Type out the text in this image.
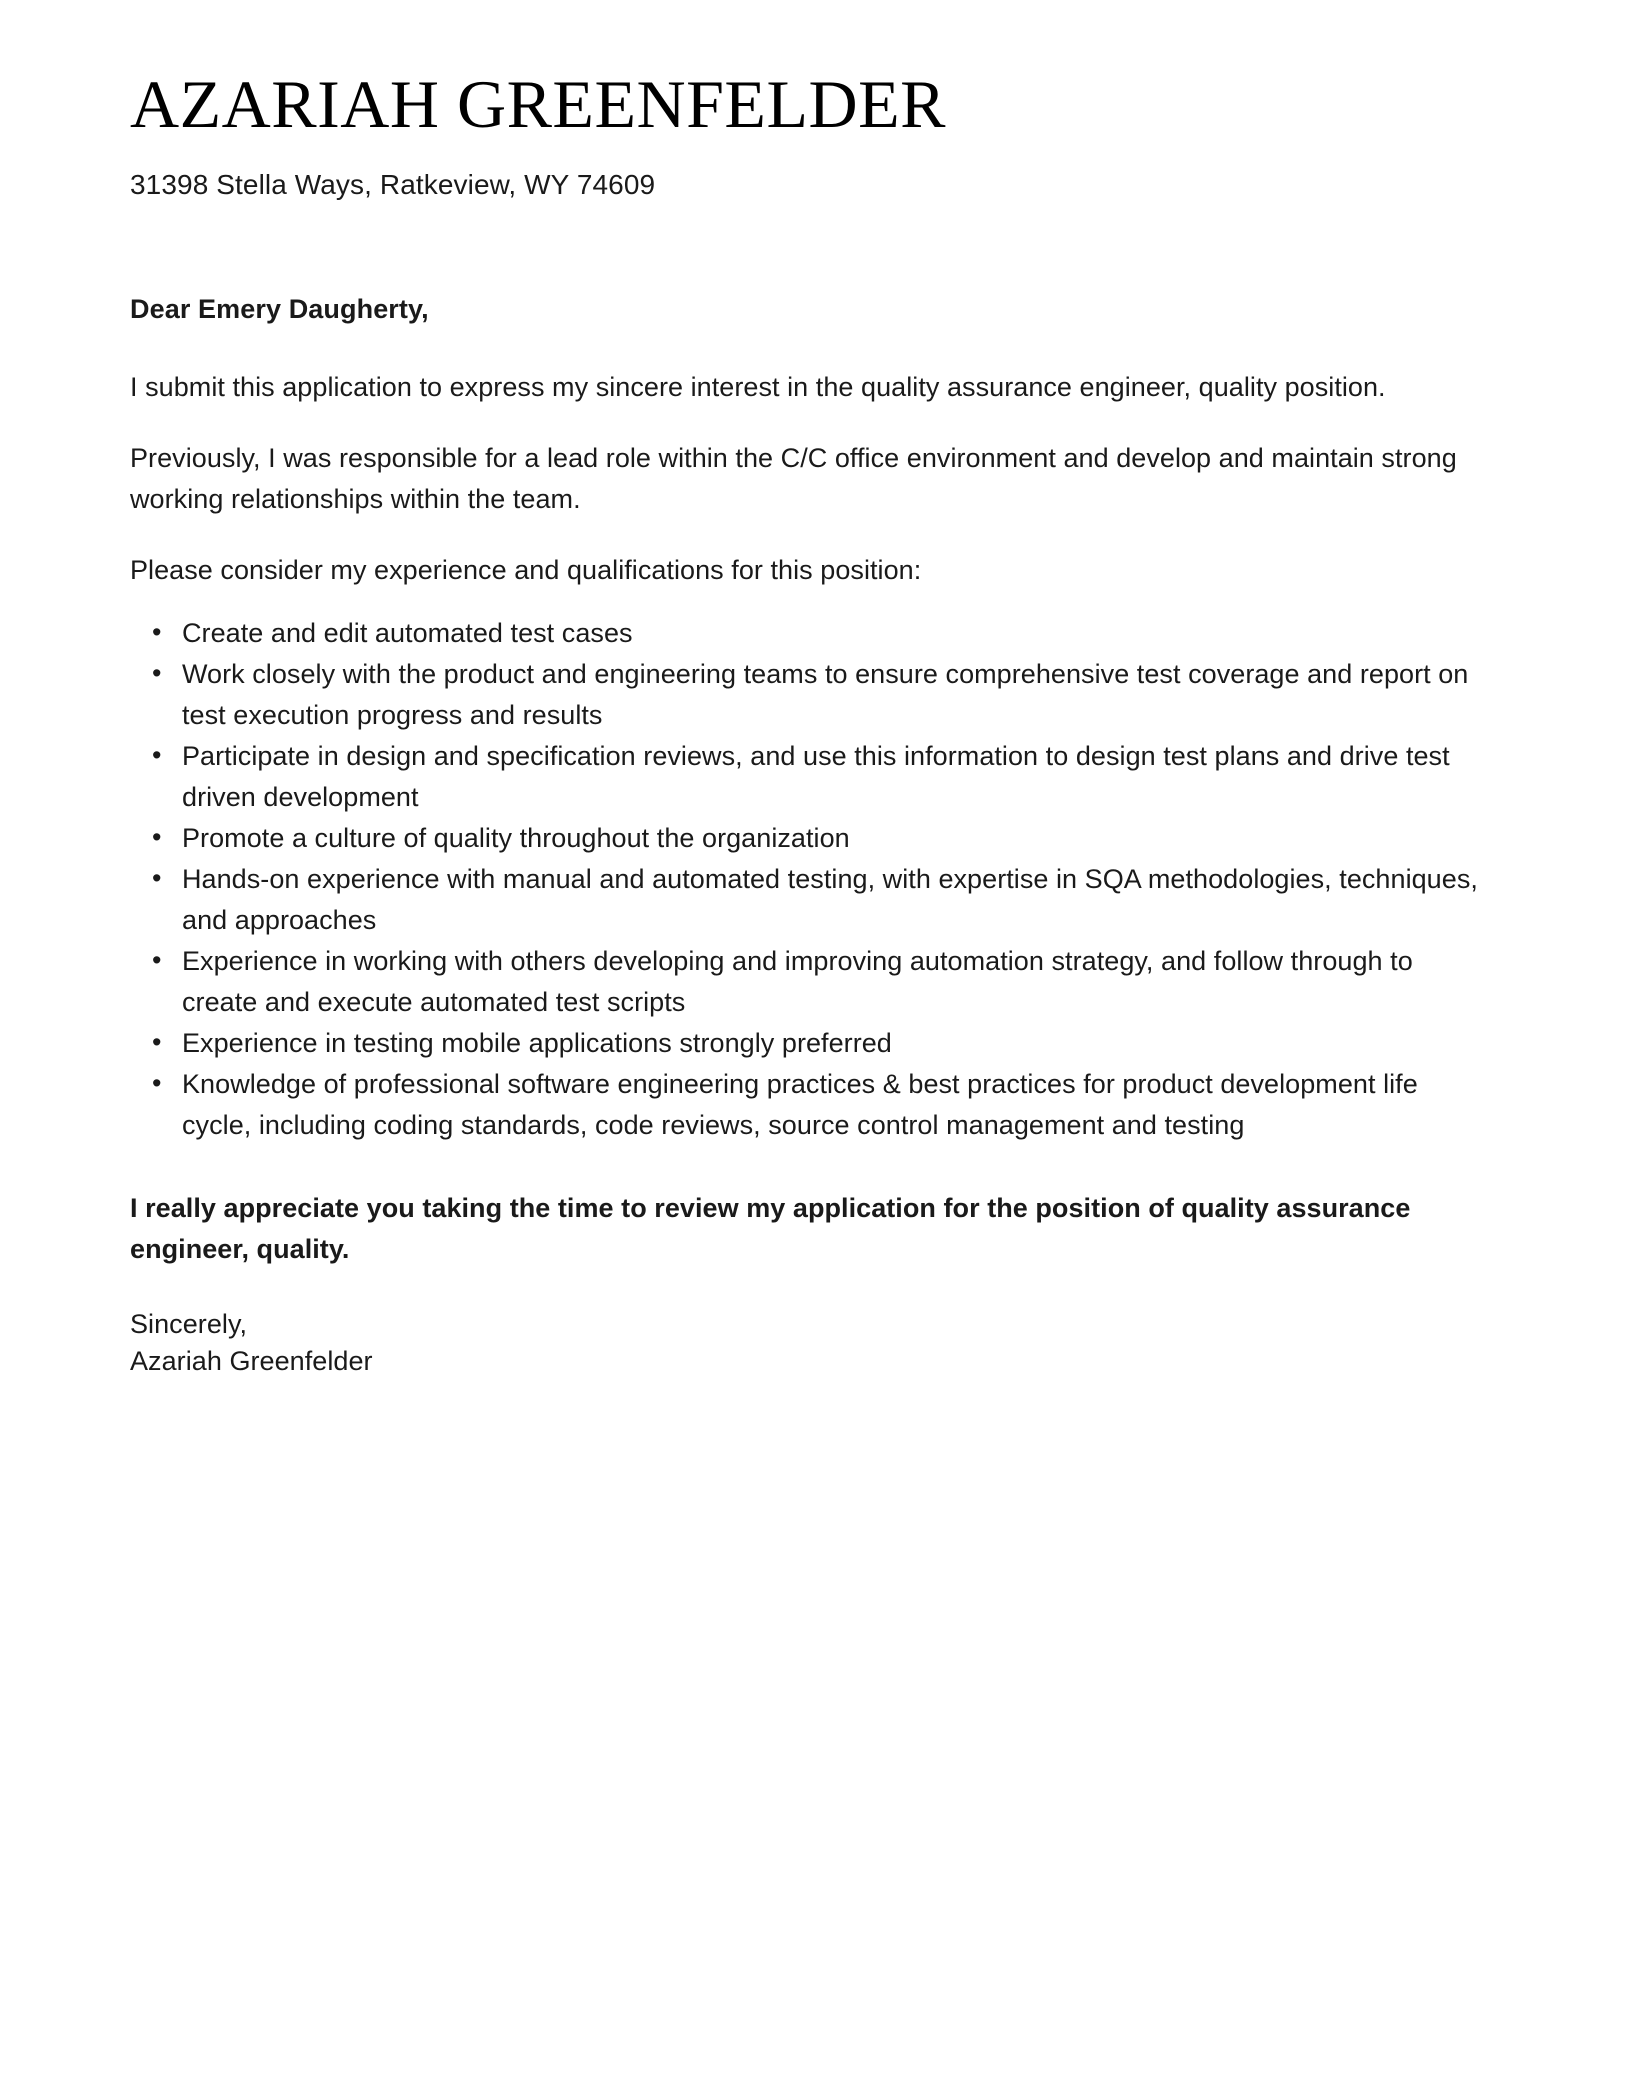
AZARIAH GREENFELDER

31398 Stella Ways, Ratkeview, WY 74609

Dear Emery Daugherty,

I submit this application to express my sincere interest in the quality assurance engineer, quality position.

Previously, I was responsible for a lead role within the C/C office environment and develop and maintain strong working relationships within the team.

Please consider my experience and qualifications for this position:

• Create and edit automated test cases
• Work closely with the product and engineering teams to ensure comprehensive test coverage and report on test execution progress and results
• Participate in design and specification reviews, and use this information to design test plans and drive test driven development
• Promote a culture of quality throughout the organization
• Hands-on experience with manual and automated testing, with expertise in SQA methodologies, techniques, and approaches
• Experience in working with others developing and improving automation strategy, and follow through to create and execute automated test scripts
• Experience in testing mobile applications strongly preferred
• Knowledge of professional software engineering practices & best practices for product development life cycle, including coding standards, code reviews, source control management and testing

I really appreciate you taking the time to review my application for the position of quality assurance engineer, quality.

Sincerely,
Azariah Greenfelder
